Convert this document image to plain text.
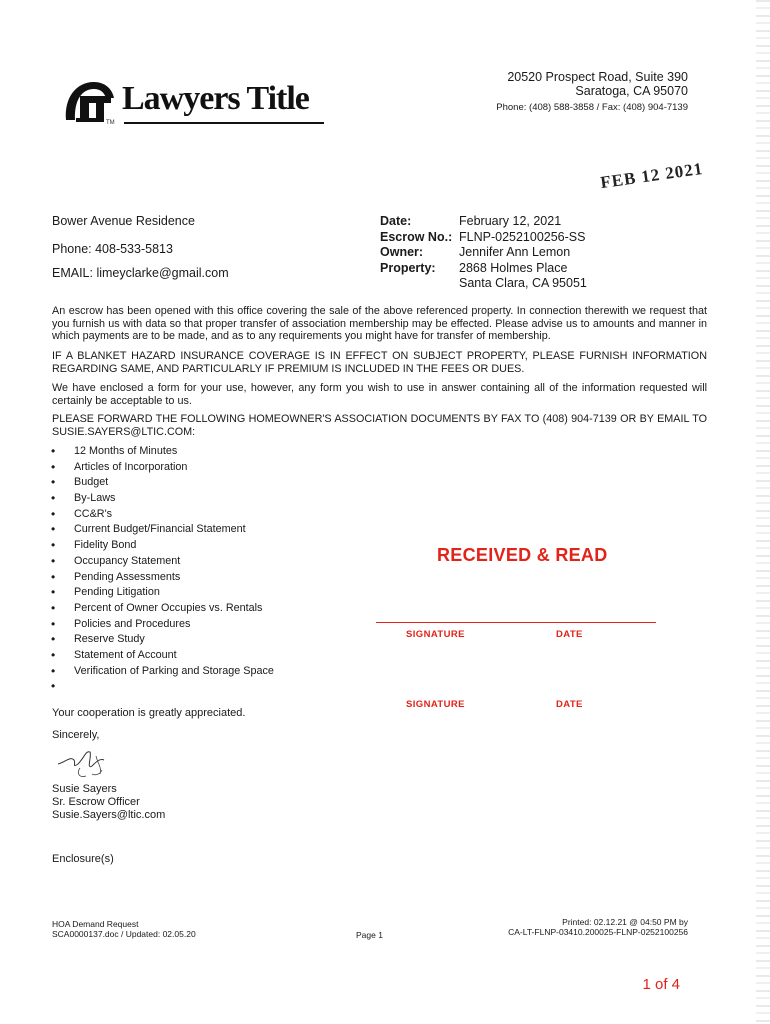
TM
Lawyers Title
20520 Prospect Road, Suite 390
Saratoga, CA 95070
Phone: (408) 588-3858 / Fax: (408) 904-7139
FEB 12 2021
Bower Avenue Residence
Phone: 408-533-5813
EMAIL: limeyclarke@gmail.com
Date:	February 12, 2021
Escrow No.: FLNP-0252100256-SS
Owner:	Jennifer Ann Lemon
Property:	2868 Holmes Place
Santa Clara, CA 95051
An escrow has been opened with this office covering the sale of the above referenced property. In connection therewith we request that you furnish us with data so that proper transfer of association membership may be effected. Please advise us to amounts and manner in which payments are to be made, and as to any requirements you might have for transfer of membership.
IF A BLANKET HAZARD INSURANCE COVERAGE IS IN EFFECT ON SUBJECT PROPERTY, PLEASE FURNISH INFORMATION REGARDING SAME, AND PARTICULARLY IF PREMIUM IS INCLUDED IN THE FEES OR DUES.
We have enclosed a form for your use, however, any form you wish to use in answer containing all of the information requested will certainly be acceptable to us.
PLEASE FORWARD THE FOLLOWING HOMEOWNER'S ASSOCIATION DOCUMENTS BY FAX TO (408) 904-7139 OR BY EMAIL TO SUSIE.SAYERS@LTIC.COM:
• 12 Months of Minutes
• Articles of Incorporation
• Budget
• By-Laws
• CC&R's
• Current Budget/Financial Statement
• Fidelity Bond
• Occupancy Statement
• Pending Assessments
• Pending Litigation
• Percent of Owner Occupies vs. Rentals
• Policies and Procedures
• Reserve Study
• Statement of Account
• Verification of Parking and Storage Space
•
RECEIVED & READ
SIGNATURE	DATE
SIGNATURE	DATE
Your cooperation is greatly appreciated.
Sincerely,
Susie Sayers
Sr. Escrow Officer
Susie.Sayers@ltic.com
Enclosure(s)
HOA Demand Request
SCA0000137.doc / Updated: 02.05.20	Page 1
Printed: 02.12.21 @ 04:50 PM by
CA-LT-FLNP-03410.200025-FLNP-0252100256
1 of 4
